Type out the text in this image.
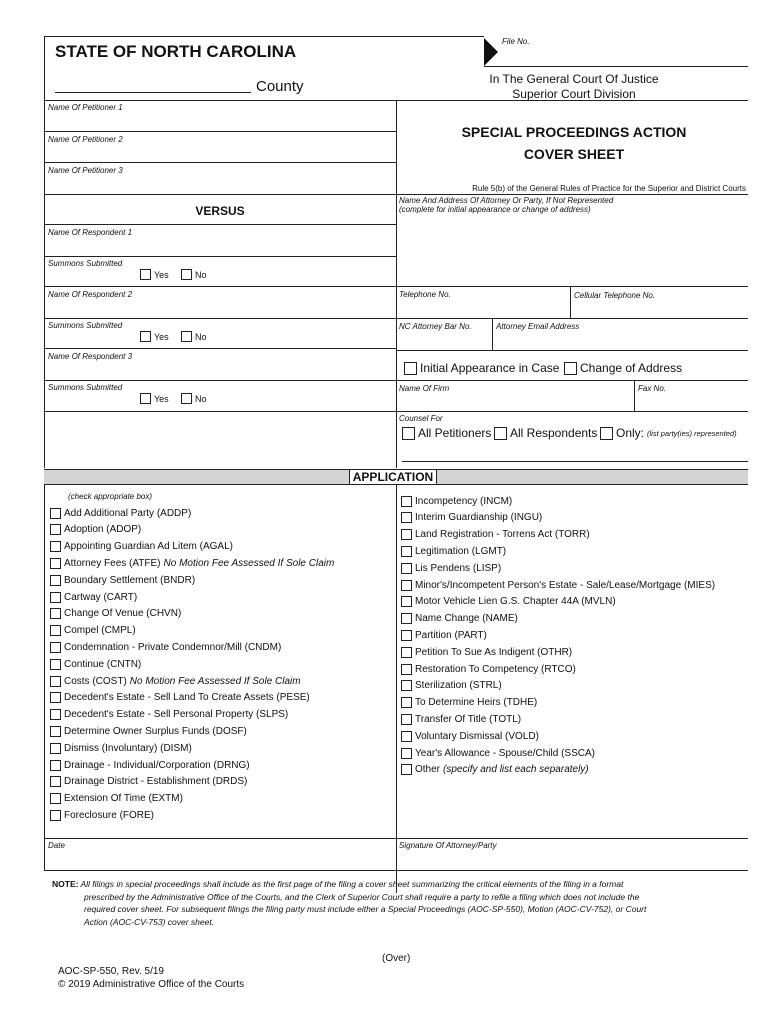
STATE OF NORTH CAROLINA
County
File No.
In The General Court Of Justice
Superior Court Division
Name Of Petitioner 1
Name Of Petitioner 2
Name Of Petitioner 3
VERSUS
Name Of Respondent 1
Summons Submitted
Yes	No
Name Of Respondent 2
Summons Submitted
Yes	No
Name Of Respondent 3
Summons Submitted
Yes	No
SPECIAL PROCEEDINGS ACTION
COVER SHEET
Rule 5(b) of the General Rules of Practice for the Superior and District Courts
Name And Address Of Attorney Or Party, If Not Represented
(complete for initial appearance or change of address)
Telephone No.	Cellular Telephone No.
NC Attorney Bar No.	Attorney Email Address
Initial Appearance in Case Change of Address
Name Of Firm	Fax No.
Counsel For
All Petitioners All Respondents Only: (list party(ies) represented)
APPLICATION
(check appropriate box)
Add Additional Party (ADDP)
Adoption (ADOP)
Appointing Guardian Ad Litem (AGAL)
Attorney Fees (ATFE) No Motion Fee Assessed If Sole Claim
Boundary Settlement (BNDR)
Cartway (CART)
Change Of Venue (CHVN)
Compel (CMPL)
Condemnation - Private Condemnor/Mill (CNDM)
Continue (CNTN)
Costs (COST) No Motion Fee Assessed If Sole Claim
Decedent's Estate - Sell Land To Create Assets (PESE)
Decedent's Estate - Sell Personal Property (SLPS)
Determine Owner Surplus Funds (DOSF)
Dismiss (Involuntary) (DISM)
Drainage - Individual/Corporation (DRNG)
Drainage District - Establishment (DRDS)
Extension Of Time (EXTM)
Foreclosure (FORE)
Incompetency (INCM)
Interim Guardianship (INGU)
Land Registration - Torrens Act (TORR)
Legitimation (LGMT)
Lis Pendens (LISP)
Minor's/Incompetent Person's Estate - Sale/Lease/Mortgage (MIES)
Motor Vehicle Lien G.S. Chapter 44A (MVLN)
Name Change (NAME)
Partition (PART)
Petition To Sue As Indigent (OTHR)
Restoration To Competency (RTCO)
Sterilization (STRL)
To Determine Heirs (TDHE)
Transfer Of Title (TOTL)
Voluntary Dismissal (VOLD)
Year's Allowance - Spouse/Child (SSCA)
Other (specify and list each separately)
Date	Signature Of Attorney/Party
NOTE: All filings in special proceedings shall include as the first page of the filing a cover sheet summarizing the critical elements of the filing in a format
prescribed by the Administrative Office of the Courts, and the Clerk of Superior Court shall require a party to refile a filing which does not include the
required cover sheet. For subsequent filings the filing party must include either a Special Proceedings (AOC-SP-550), Motion (AOC-CV-752), or Court
Action (AOC-CV-753) cover sheet.
(Over)
AOC-SP-550, Rev. 5/19
© 2019 Administrative Office of the Courts
